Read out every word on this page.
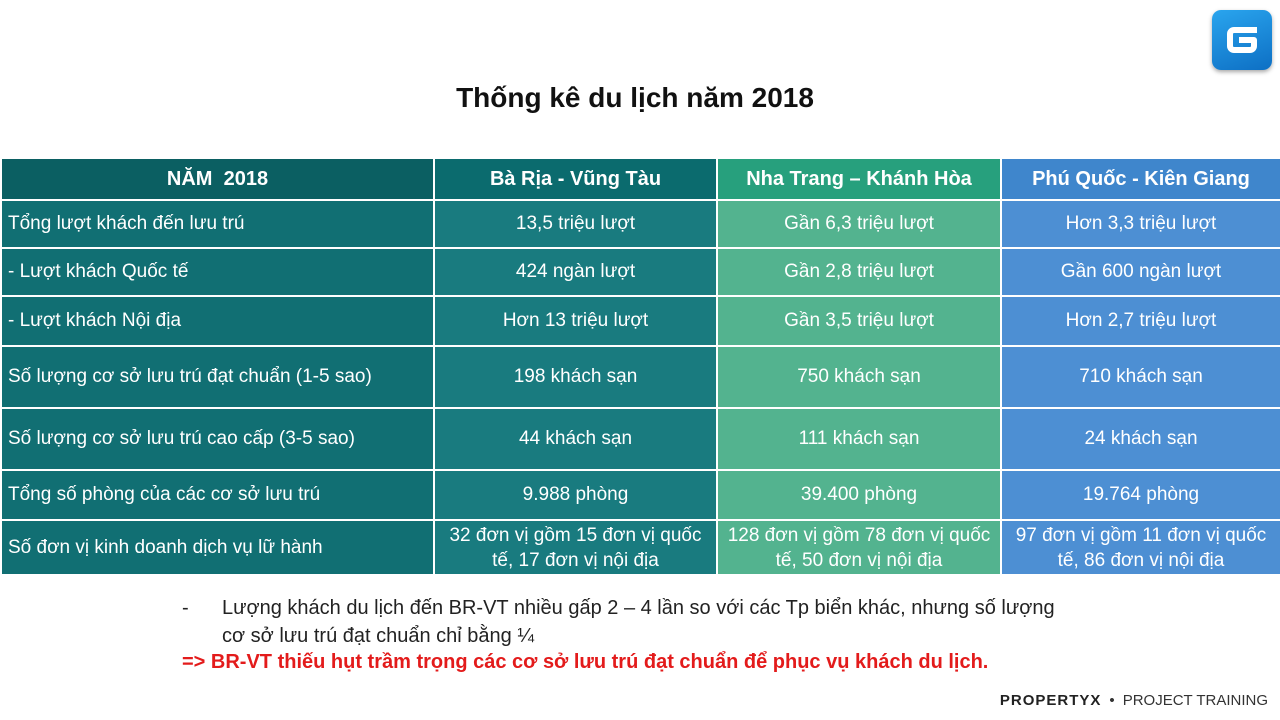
Thống kê du lịch năm 2018
NĂM 2018	Bà Rịa - Vũng Tàu	Nha Trang – Khánh Hòa	Phú Quốc - Kiên Giang
Tổng lượt khách đến lưu trú	13,5 triệu lượt	Gần 6,3 triệu lượt	Hơn 3,3 triệu lượt
- Lượt khách Quốc tế	424 ngàn lượt	Gần 2,8 triệu lượt	Gần 600 ngàn lượt
- Lượt khách Nội địa	Hơn 13 triệu lượt	Gần 3,5 triệu lượt	Hơn 2,7 triệu lượt
Số lượng cơ sở lưu trú đạt chuẩn (1-5 sao)	198 khách sạn	750 khách sạn	710 khách sạn
Số lượng cơ sở lưu trú cao cấp (3-5 sao)	44 khách sạn	111 khách sạn	24 khách sạn
Tổng số phòng của các cơ sở lưu trú	9.988 phòng	39.400 phòng	19.764 phòng
Số đơn vị kinh doanh dịch vụ lữ hành	32 đơn vị gồm 15 đơn vị quốc tế, 17 đơn vị nội địa	128 đơn vị gồm 78 đơn vị quốc tế, 50 đơn vị nội địa	97 đơn vị gồm 11 đơn vị quốc tế, 86 đơn vị nội địa
-	Lượng khách du lịch đến BR-VT nhiều gấp 2 – 4 lần so với các Tp biển khác, nhưng số lượng
cơ sở lưu trú đạt chuẩn chỉ bằng ¼
=> BR-VT thiếu hụt trầm trọng các cơ sở lưu trú đạt chuẩn để phục vụ khách du lịch.
PROPERTYX • PROJECT TRAINING
